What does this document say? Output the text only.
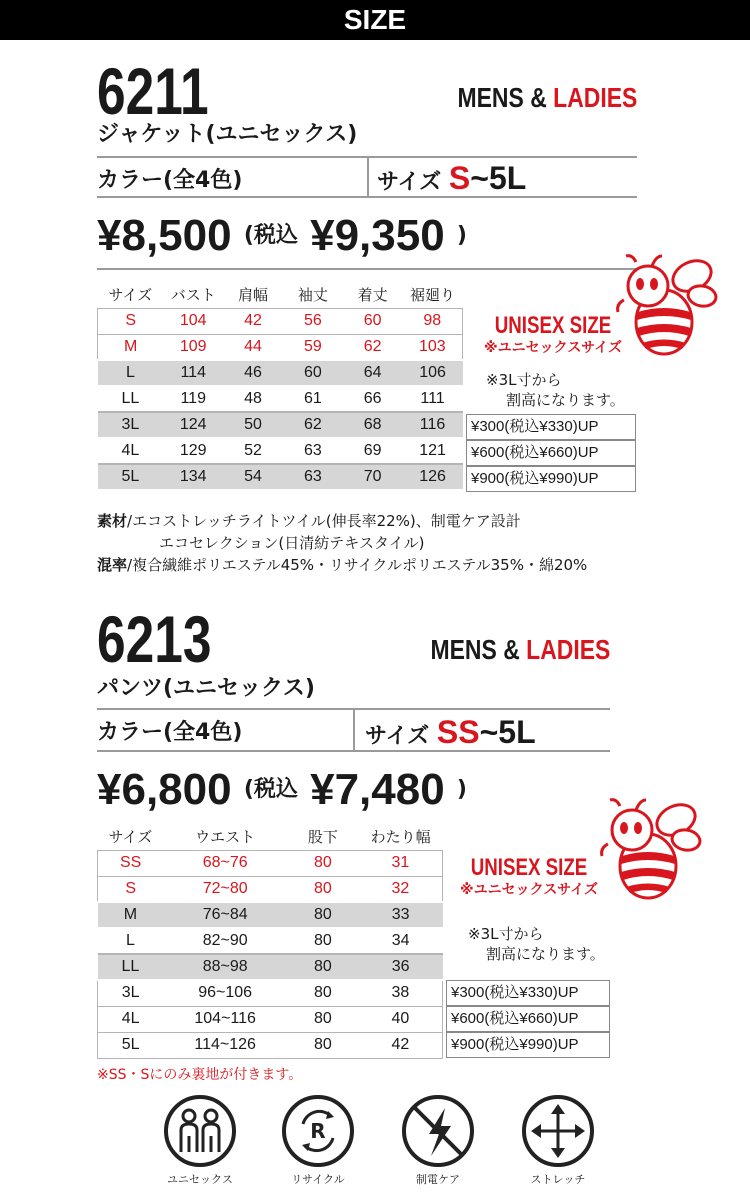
SIZE
6211	MENS & LADIES
ジャケット(ユニセックス)
カラー(全4色)	サイズ S~5L
¥8,500 (税込 ¥9,350 )
サイズ	バスト	肩幅	袖丈	着丈	裾廻り
S	104	42	56	60	98
M	109	44	59	62	103
L	114	46	60	64	106
LL	119	48	61	66	111
3L	124	50	62	68	116
4L	129	52	63	69	121
5L	134	54	63	70	126
UNISEX SIZE
※ユニセックスサイズ
※3L寸から
割高になります。
¥300(税込¥330)UP
¥600(税込¥660)UP
¥900(税込¥990)UP
素材/エコストレッチライトツイル(伸長率22%)、制電ケア設計
エコセレクション(日清紡テキスタイル)
混率/複合繊維ポリエステル45%・リサイクルポリエステル35%・綿20%
6213	MENS & LADIES
パンツ(ユニセックス)
カラー(全4色)	サイズ SS~5L
¥6,800 (税込 ¥7,480 )
サイズ	ウエスト	股下	わたり幅
SS	68~76	80	31
S	72~80	80	32
M	76~84	80	33
L	82~90	80	34
LL	88~98	80	36
3L	96~106	80	38
4L	104~116	80	40
5L	114~126	80	42
UNISEX SIZE
※ユニセックスサイズ
※3L寸から
割高になります。
¥300(税込¥330)UP
¥600(税込¥660)UP
¥900(税込¥990)UP
※SS・Sにのみ裏地が付きます。
ユニセックス
R
リサイクル	制電ケア	ストレッチ
